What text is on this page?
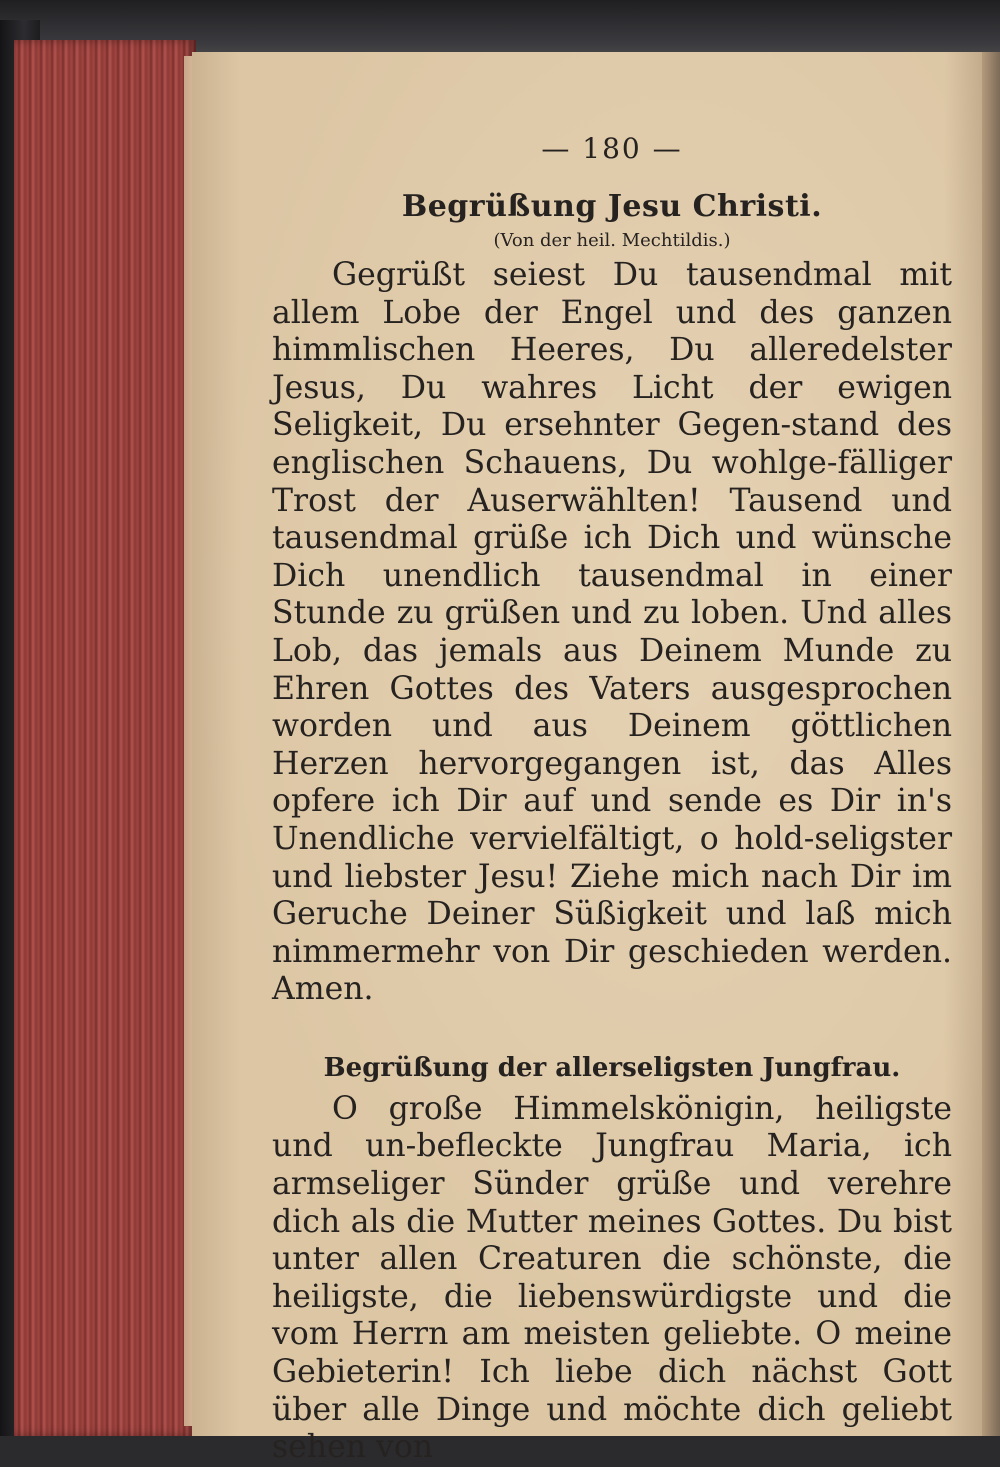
— 180 —

Begrüßung Jesu Christi.

(Von der heil. Mechtildis.)

Gegrüßt seiest Du tausendmal mit allem Lobe der Engel und des ganzen himmlischen Heeres, Du alleredelster Jesus, Du wahres Licht der ewigen Seligkeit, Du ersehnter Gegen-stand des englischen Schauens, Du wohlge-fälliger Trost der Auserwählten! Tausend und tausendmal grüße ich Dich und wünsche Dich unendlich tausendmal in einer Stunde zu grüßen und zu loben. Und alles Lob, das jemals aus Deinem Munde zu Ehren Gottes des Vaters ausgesprochen worden und aus Deinem göttlichen Herzen hervorgegangen ist, das Alles opfere ich Dir auf und sende es Dir in's Unendliche vervielfältigt, o hold-seligster und liebster Jesu! Ziehe mich nach Dir im Geruche Deiner Süßigkeit und laß mich nimmermehr von Dir geschieden werden. Amen.

Begrüßung der allerseligsten Jungfrau.

O große Himmelskönigin, heiligste und un-befleckte Jungfrau Maria, ich armseliger Sünder grüße und verehre dich als die Mutter meines Gottes. Du bist unter allen Creaturen die schönste, die heiligste, die liebenswürdigste und die vom Herrn am meisten geliebte. O meine Gebieterin! Ich liebe dich nächst Gott über alle Dinge und möchte dich geliebt sehen von
